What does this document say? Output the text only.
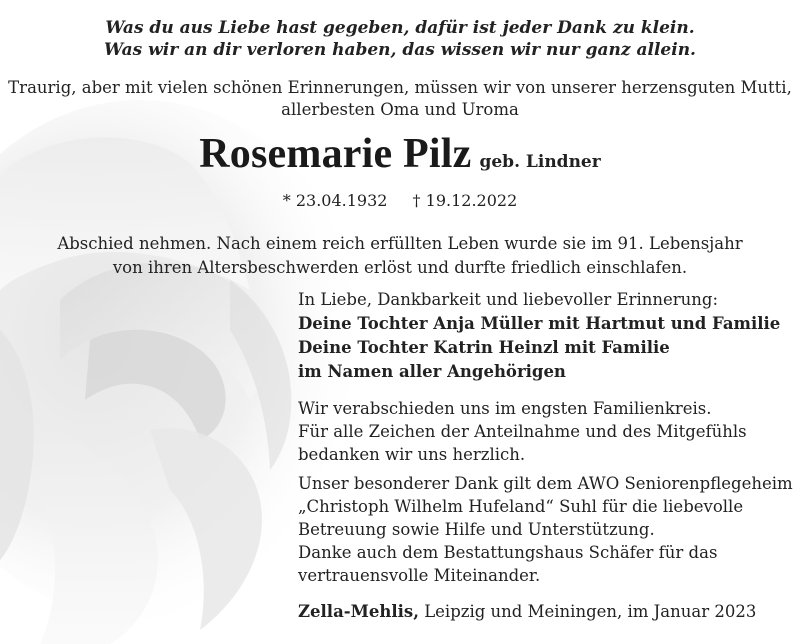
Was du aus Liebe hast gegeben, dafür ist jeder Dank zu klein.
Was wir an dir verloren haben, das wissen wir nur ganz allein.
Traurig, aber mit vielen schönen Erinnerungen, müssen wir von unserer herzensguten Mutti,
allerbesten Oma und Uroma
Rosemarie Pilz geb. Lindner
* 23.04.1932 † 19.12.2022
Abschied nehmen. Nach einem reich erfüllten Leben wurde sie im 91. Lebensjahr
von ihren Altersbeschwerden erlöst und durfte friedlich einschlafen.
In Liebe, Dankbarkeit und liebevoller Erinnerung:
Deine Tochter Anja Müller mit Hartmut und Familie
Deine Tochter Katrin Heinzl mit Familie
im Namen aller Angehörigen
Wir verabschieden uns im engsten Familienkreis.
Für alle Zeichen der Anteilnahme und des Mitgefühls
bedanken wir uns herzlich.
Unser besonderer Dank gilt dem AWO Seniorenpflegeheim
„Christoph Wilhelm Hufeland“ Suhl für die liebevolle
Betreuung sowie Hilfe und Unterstützung.
Danke auch dem Bestattungshaus Schäfer für das
vertrauensvolle Miteinander.
Zella-Mehlis, Leipzig und Meiningen, im Januar 2023
